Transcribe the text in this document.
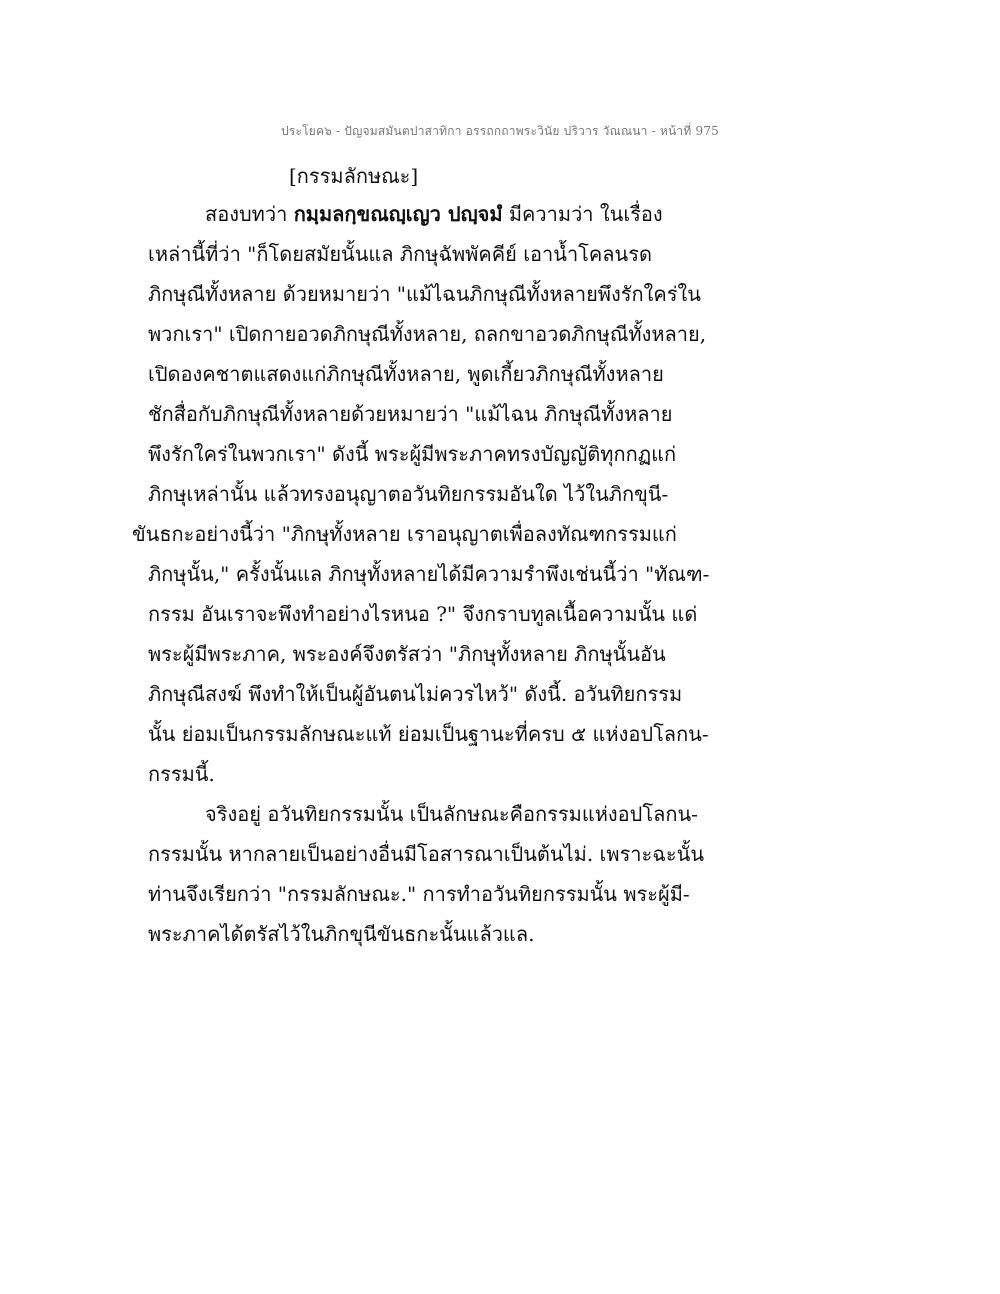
ประโยค๖ - ปัญจมสมันตปาสาทิกา อรรถกถาพระวินัย ปริวาร วัณณนา - หน้าที่ 975
[กรรมลักษณะ]
สองบทว่า กมฺมลกฺขณญฺเญว ปญฺจมํ มีความว่า ในเรื่อง
เหล่านี้ที่ว่า "ก็โดยสมัยนั้นแล ภิกษุฉัพพัคคีย์ เอาน้ำโคลนรด
ภิกษุณีทั้งหลาย ด้วยหมายว่า "แม้ไฉนภิกษุณีทั้งหลายพึงรักใคร่ใน
พวกเรา" เปิดกายอวดภิกษุณีทั้งหลาย, ถลกขาอวดภิกษุณีทั้งหลาย,
เปิดองคชาตแสดงแก่ภิกษุณีทั้งหลาย, พูดเกี้ยวภิกษุณีทั้งหลาย
ชักสื่อกับภิกษุณีทั้งหลายด้วยหมายว่า "แม้ไฉน ภิกษุณีทั้งหลาย
พึงรักใคร่ในพวกเรา" ดังนี้ พระผู้มีพระภาคทรงบัญญัติทุกกฏแก่
ภิกษุเหล่านั้น แล้วทรงอนุญาตอวันทิยกรรมอันใด ไว้ในภิกขุนี-
ขันธกะอย่างนี้ว่า "ภิกษุทั้งหลาย เราอนุญาตเพื่อลงทัณฑกรรมแก่
ภิกษุนั้น," ครั้งนั้นแล ภิกษุทั้งหลายได้มีความรำพึงเช่นนี้ว่า "ทัณฑ-
กรรม อันเราจะพึงทำอย่างไรหนอ ?" จึงกราบทูลเนื้อความนั้น แด่
พระผู้มีพระภาค, พระองค์จึงตรัสว่า "ภิกษุทั้งหลาย ภิกษุนั้นอัน
ภิกษุณีสงฆ์ พึงทำให้เป็นผู้อันตนไม่ควรไหว้" ดังนี้. อวันทิยกรรม
นั้น ย่อมเป็นกรรมลักษณะแท้ ย่อมเป็นฐานะที่ครบ ๕ แห่งอปโลกน-
กรรมนี้.
จริงอยู่ อวันทิยกรรมนั้น เป็นลักษณะคือกรรมแห่งอปโลกน-
กรรมนั้น หากลายเป็นอย่างอื่นมีโอสารณาเป็นต้นไม่. เพราะฉะนั้น
ท่านจึงเรียกว่า "กรรมลักษณะ." การทำอวันทิยกรรมนั้น พระผู้มี-
พระภาคได้ตรัสไว้ในภิกขุนีขันธกะนั้นแล้วแล.
